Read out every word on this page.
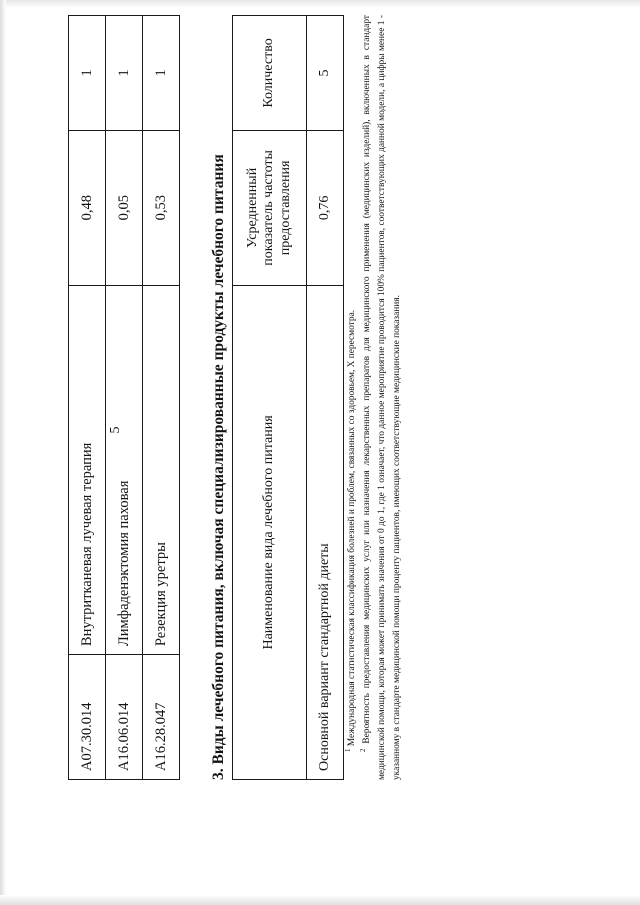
5
A07.30.014	Внутритканевая лучевая терапия	0,48	1
A16.06.014	Лимфаденэктомия паховая	0,05	1
A16.28.047	Резекция уретры	0,53	1
3. Виды лечебного питания, включая специализированные продукты лечебного питания Наименование вида лечебного питания	Усредненный показатель частоты предоставления	Количество
Основной вариант стандартной диеты	0,76	5

$^1$ Международная статистическая классификация болезней и проблем, связанных со здоровьем, X пересмотра.

$^2$ Вероятность предоставления медицинских услуг или назначения лекарственных препаратов для медицинского применения (медицинских изделий), включенных в стандарт медицинской помощи, которая может принимать значения от 0 до 1, где 1 означает, что данное мероприятие проводится 100% пациентов, соответствующих данной модели, а цифры менее 1 - указанному в стандарте медицинской помощи проценту пациентов, имеющих соответствующие медицинские показания.
